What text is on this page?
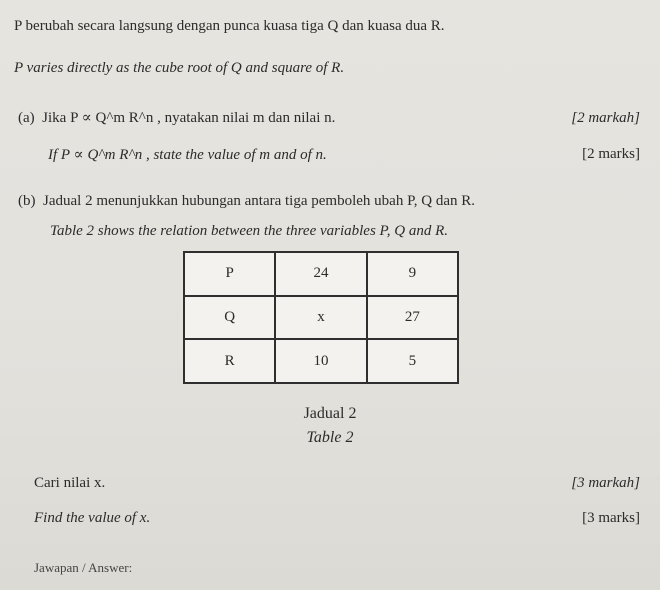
P berubah secara langsung dengan punca kuasa tiga Q dan kuasa dua R.
P varies directly as the cube root of Q and square of R.
(a) Jika P ∝ Q^m R^n , nyatakan nilai m dan nilai n.	[2 markah]
If P ∝ Q^m R^n , state the value of m and of n.	[2 marks]
(b) Jadual 2 menunjukkan hubungan antara tiga pemboleh ubah P, Q dan R.
Table 2 shows the relation between the three variables P, Q and R.
P	24	9
Q	x	27
R	10	5
Jadual 2
Table 2
Cari nilai x.	[3 markah]
Find the value of x.	[3 marks]
Jawapan / Answer:
